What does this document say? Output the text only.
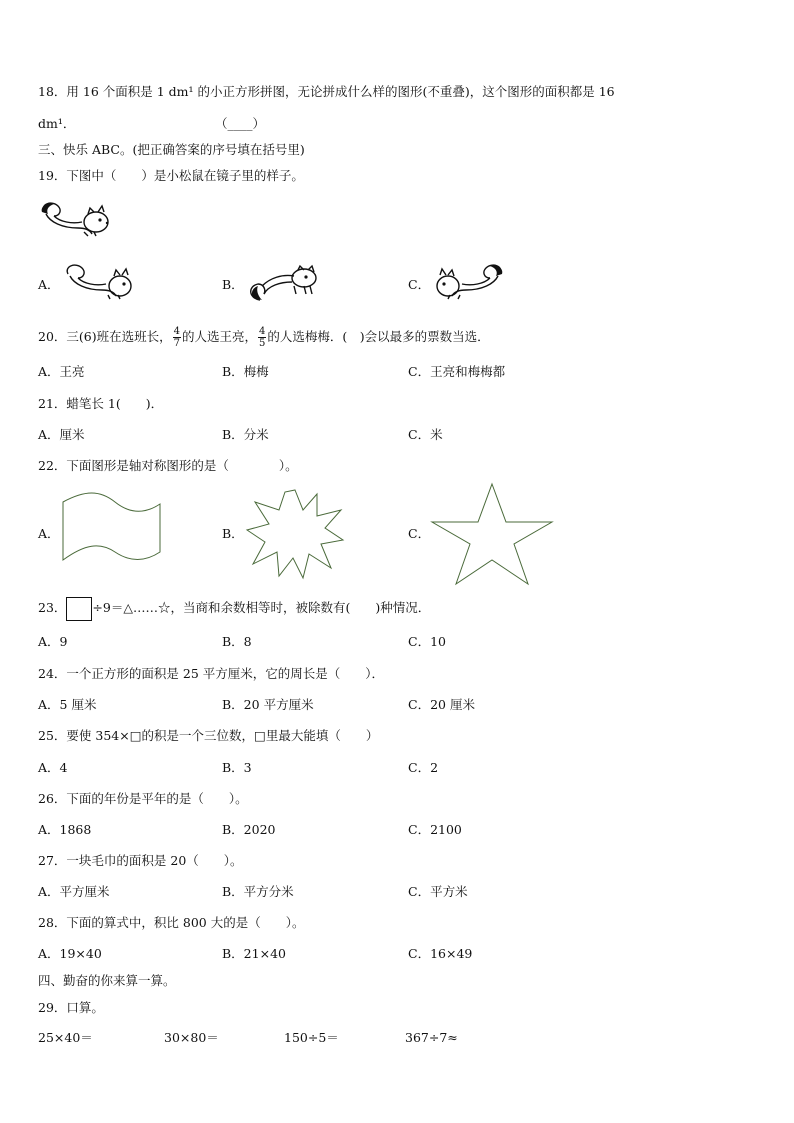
18．用 16 个面积是 1 dm¹ 的小正方形拼图，无论拼成什么样的图形(不重叠)，这个图形的面积都是 16
dm¹．	（____）
三、快乐 ABC。(把正确答案的序号填在括号里)
19．下图中（　　）是小松鼠在镜子里的样子。
A．	B．	C．
20．三(6)班在选班长， $\frac{4}{7}$ 的人选王亮， $\frac{4}{5}$ 的人选梅梅．(　)会以最多的票数当选．
A．王亮	B．梅梅	C．王亮和梅梅都
21．蜡笔长 1(　　)．
A．厘米	B．分米	C．米
22．下面图形是轴对称图形的是（　　　　）。
A．	B．	C．
23． ÷9＝△……☆，当商和余数相等时，被除数有(　　)种情况．
A．9	B．8	C．10
24．一个正方形的面积是 25 平方厘米，它的周长是（　　）．
A．5 厘米	B．20 平方厘米	C．20 厘米
25．要使 354×□的积是一个三位数，□里最大能填（　　）
A．4	B．3	C．2
26．下面的年份是平年的是（　　）。
A．1868	B．2020	C．2100
27．一块毛巾的面积是 20（　　）。
A．平方厘米	B．平方分米	C．平方米
28．下面的算式中，积比 800 大的是（　　）。
A．19×40	B．21×40	C．16×49
四、勤奋的你来算一算。
29．口算。
25×40＝	30×80＝	150÷5＝	367÷7≈
